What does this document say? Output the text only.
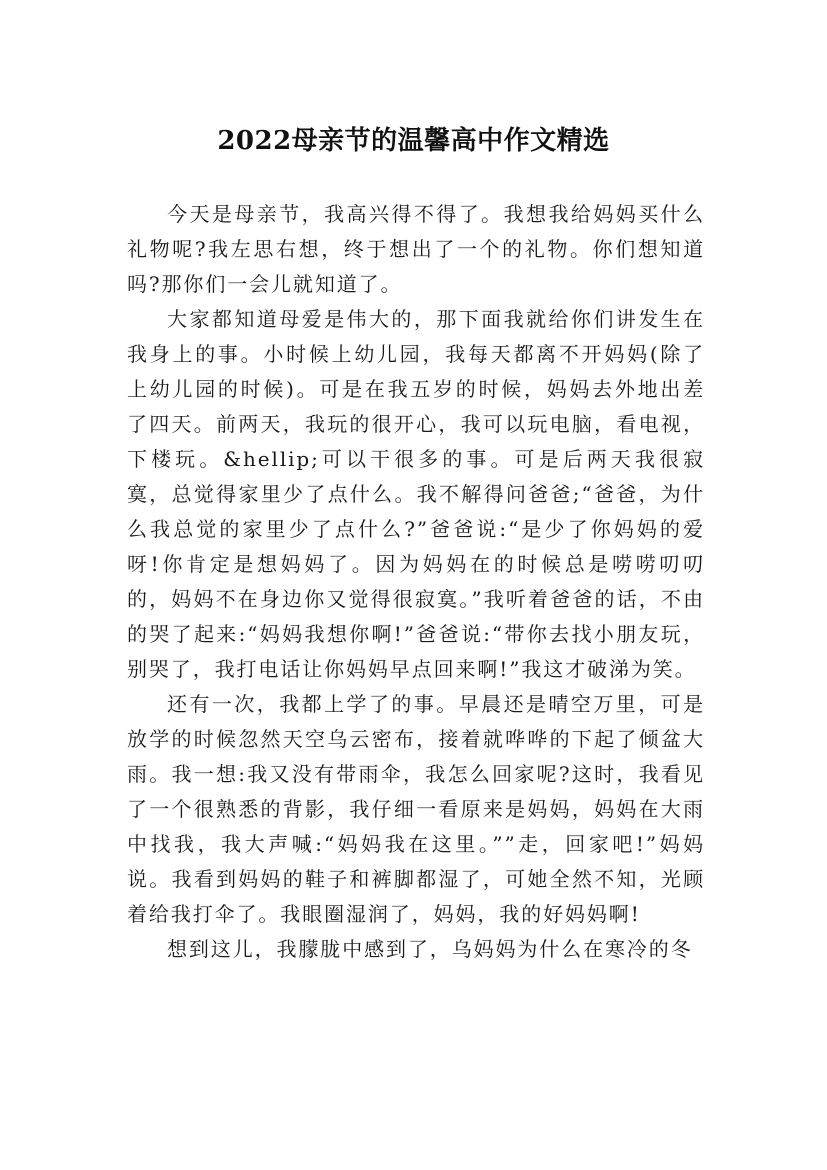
2022母亲节的温馨高中作文精选

今天是母亲节，我高兴得不得了。我想我给妈妈买什么礼物呢?我左思右想，终于想出了一个的礼物。你们想知道吗?那你们一会儿就知道了。

大家都知道母爱是伟大的，那下面我就给你们讲发生在我身上的事。小时候上幼儿园，我每天都离不开妈妈(除了上幼儿园的时候)。可是在我五岁的时候，妈妈去外地出差了四天。前两天，我玩的很开心，我可以玩电脑，看电视，下楼玩。&hellip;可以干很多的事。可是后两天我很寂寞，总觉得家里少了点什么。我不解得问爸爸;“爸爸，为什么我总觉的家里少了点什么?”爸爸说:“是少了你妈妈的爱呀!你肯定是想妈妈了。因为妈妈在的时候总是唠唠叨叨的，妈妈不在身边你又觉得很寂寞。”我听着爸爸的话，不由的哭了起来:“妈妈我想你啊!”爸爸说:“带你去找小朋友玩，别哭了，我打电话让你妈妈早点回来啊!”我这才破涕为笑。

还有一次，我都上学了的事。早晨还是晴空万里，可是放学的时候忽然天空乌云密布，接着就哗哗的下起了倾盆大雨。我一想:我又没有带雨伞，我怎么回家呢?这时，我看见了一个很熟悉的背影，我仔细一看原来是妈妈，妈妈在大雨中找我，我大声喊:“妈妈我在这里。””走，回家吧!”妈妈说。我看到妈妈的鞋子和裤脚都湿了，可她全然不知，光顾着给我打伞了。我眼圈湿润了，妈妈，我的好妈妈啊!

想到这儿，我朦胧中感到了，乌妈妈为什么在寒冷的冬
